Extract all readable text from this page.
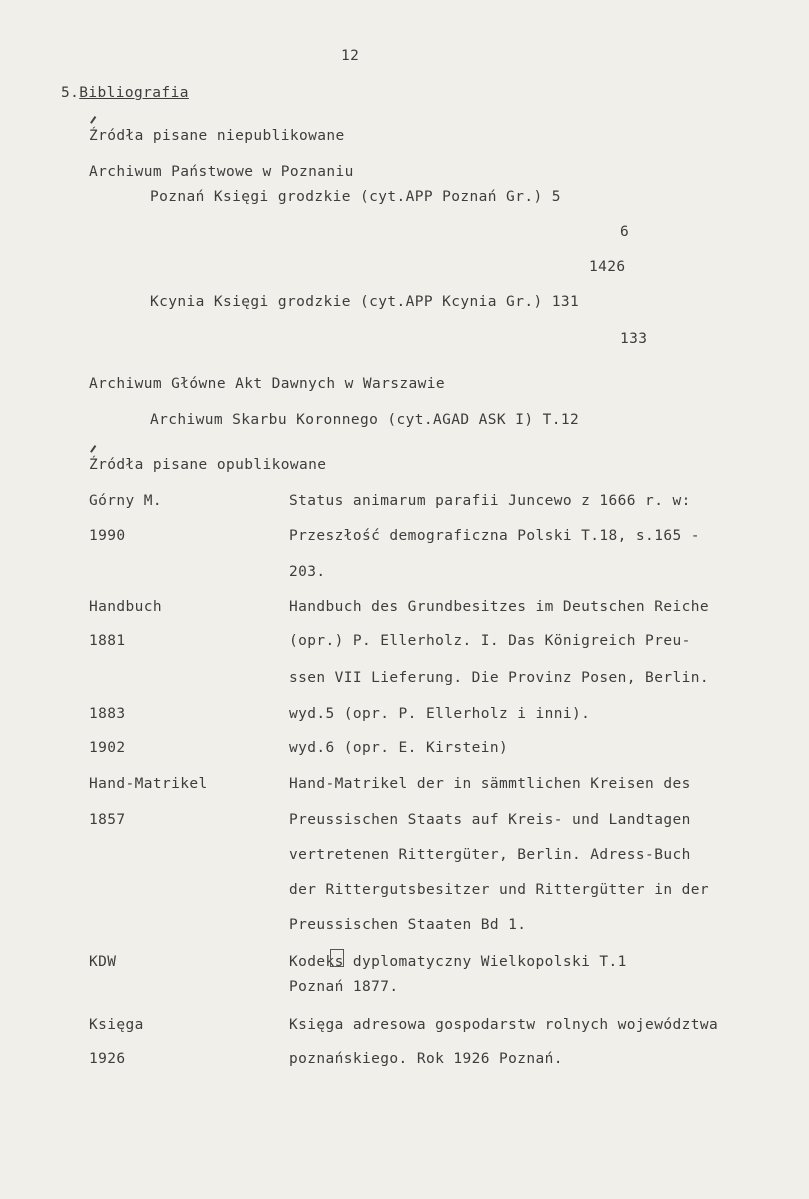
12
5.Bibliografia
Źródła pisane niepublikowane
Archiwum Państwowe w Poznaniu
Poznań Księgi grodzkie (cyt.APP Poznań Gr.) 5
6
1426
Kcynia Księgi grodzkie (cyt.APP Kcynia Gr.) 131
133
Archiwum Główne Akt Dawnych w Warszawie
Archiwum Skarbu Koronnego (cyt.AGAD ASK I) T.12
Źródła pisane opublikowane
Górny M.	Status animarum parafii Juncewo z 1666 r. w:
1990	Przeszłość demograficzna Polski T.18, s.165 -
203.
Handbuch	Handbuch des Grundbesitzes im Deutschen Reiche
1881	(opr.) P. Ellerholz. I. Das Königreich Preu-
ssen VII Lieferung. Die Provinz Posen, Berlin.
1883	wyd.5 (opr. P. Ellerholz i inni).
1902	wyd.6 (opr. E. Kirstein)
Hand-Matrikel	Hand-Matrikel der in sämmtlichen Kreisen des
1857	Preussischen Staats auf Kreis- und Landtagen
vertretenen Rittergüter, Berlin. Adress-Buch
der Rittergutsbesitzer und Rittergütter in der
Preussischen Staaten Bd 1.
KDW	Kodeks dyplomatyczny Wielkopolski T.1
Poznań 1877.
Księga	Księga adresowa gospodarstw rolnych województwa
1926	poznańskiego. Rok 1926 Poznań.
